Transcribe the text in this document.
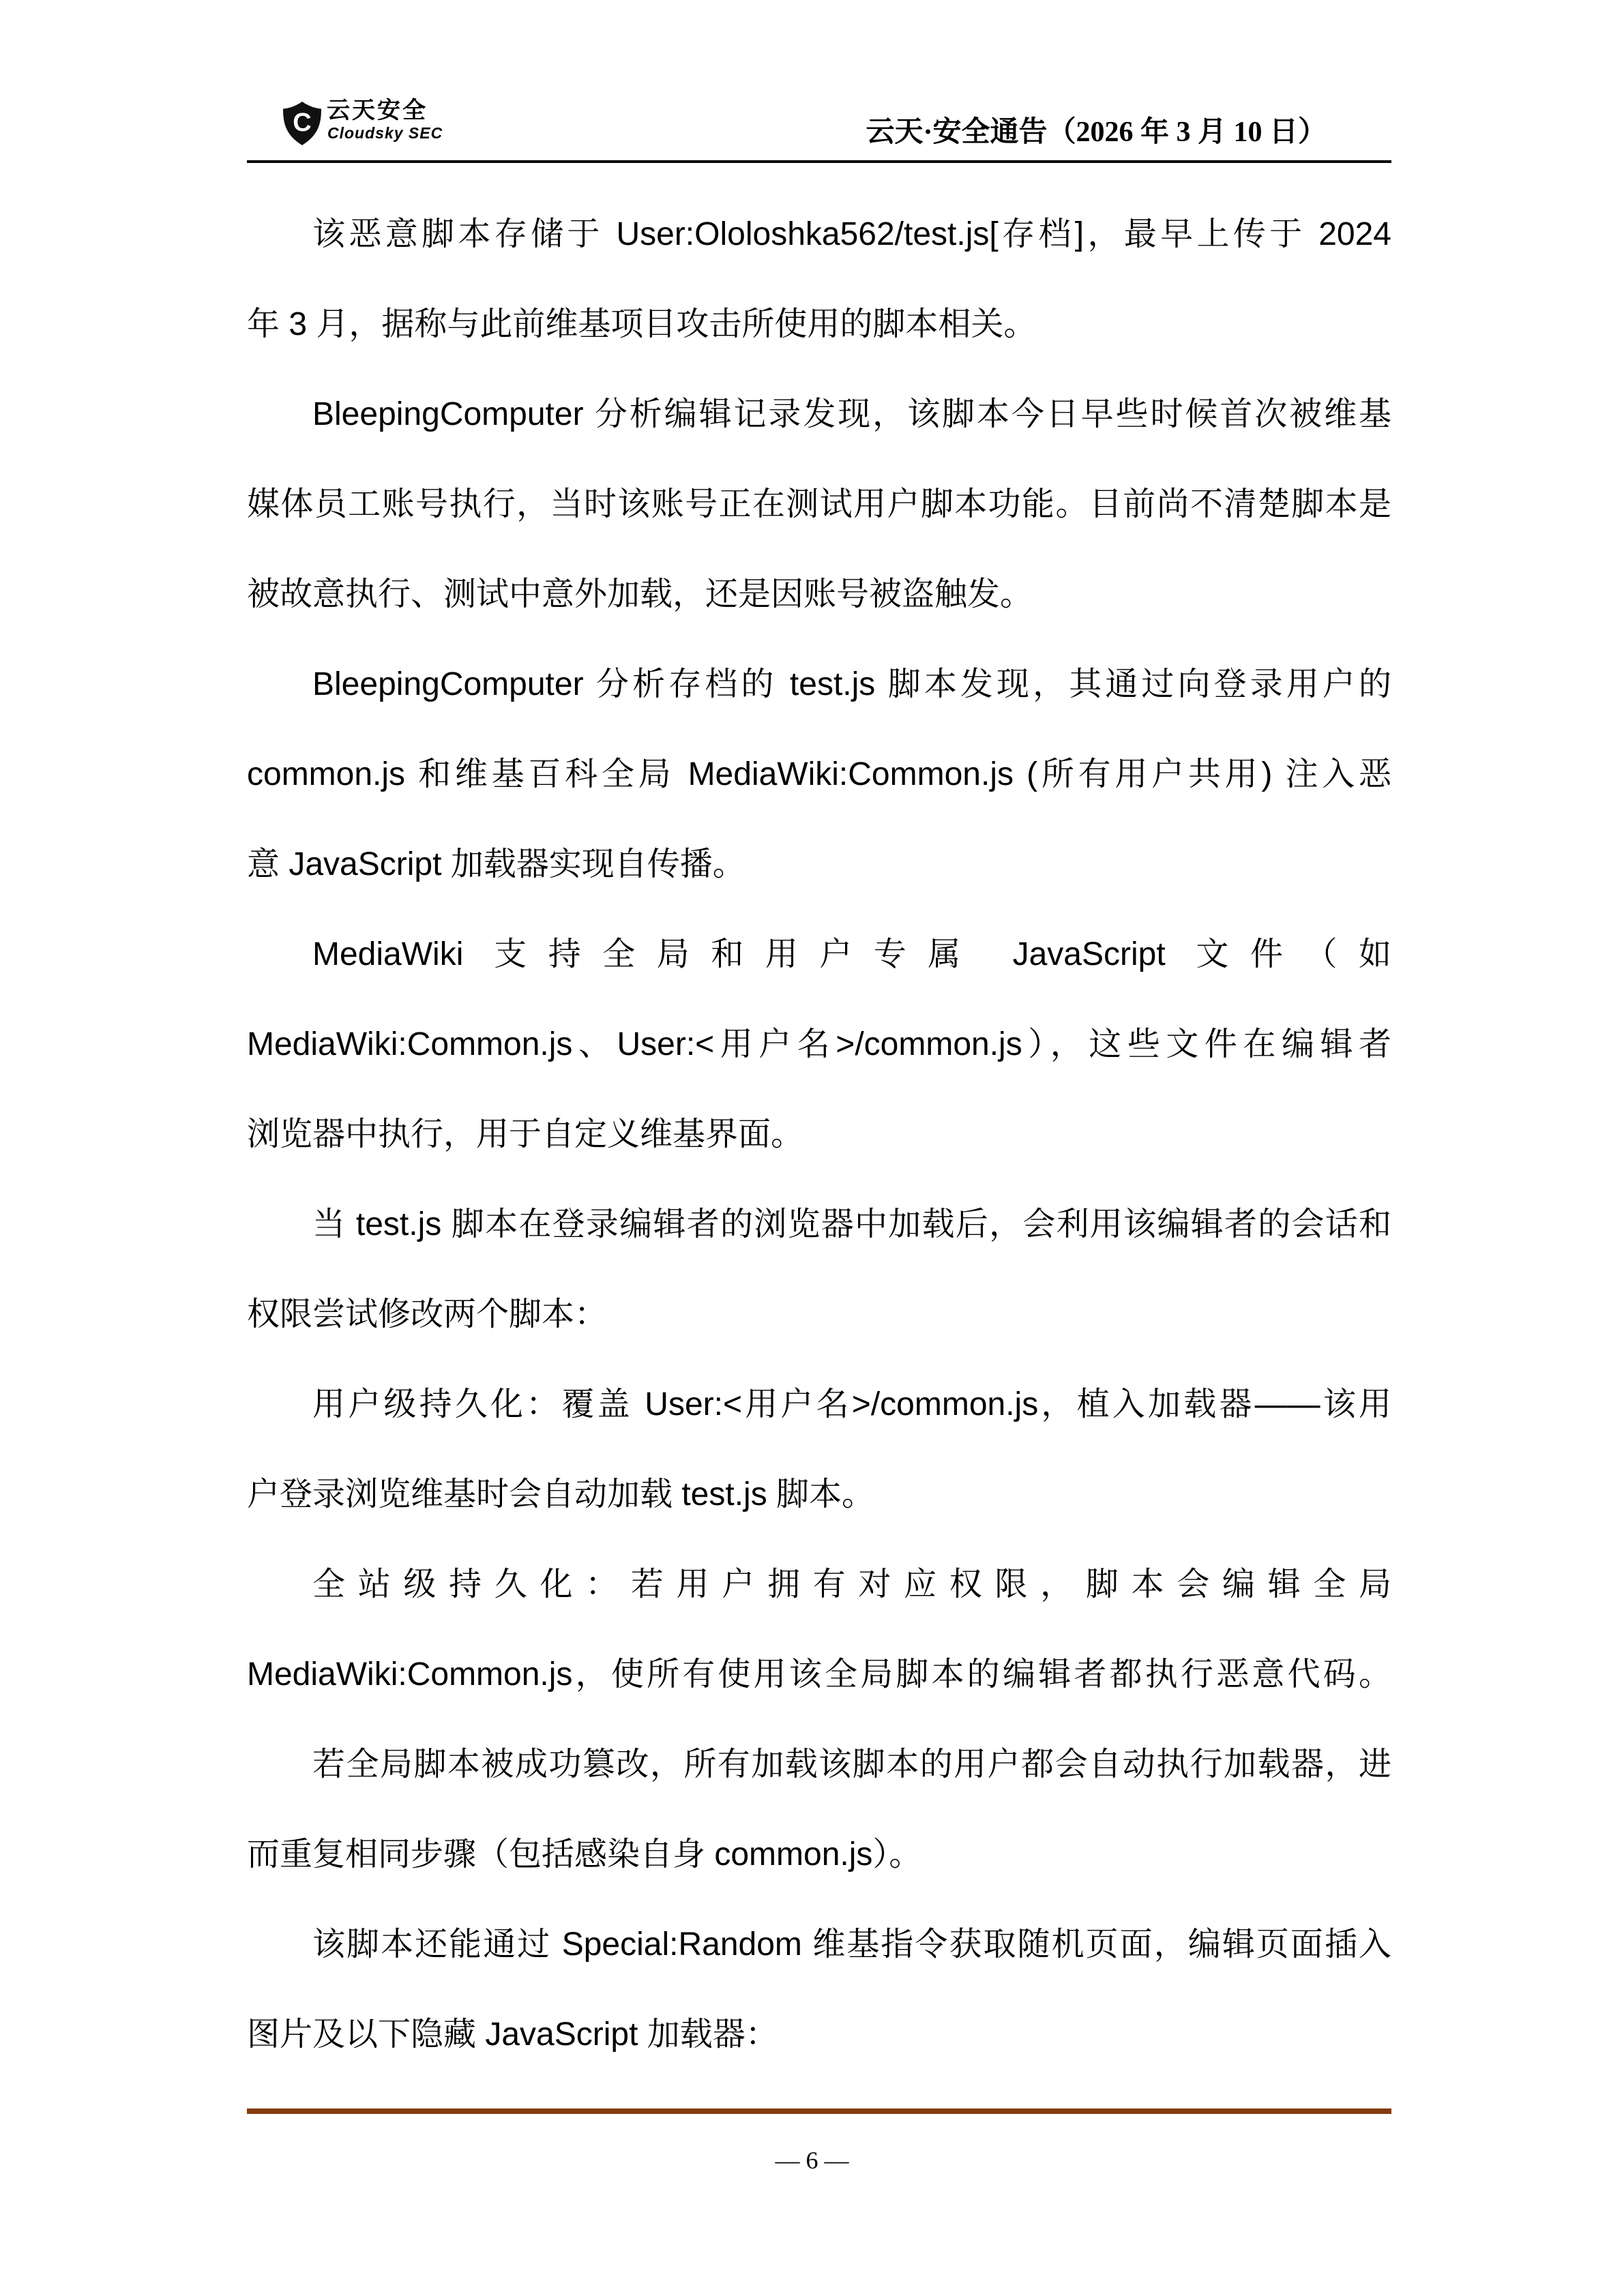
C 云天安全
Cloudsky SEC	云天·安全通告（2026 年 3 月 10 日）
该恶意脚本存储于 User:Ololoshka562/test.js[存档]，最早上传于 2024
年 3 月，据称与此前维基项目攻击所使用的脚本相关。
BleepingComputer 分析编辑记录发现，该脚本今日早些时候首次被维基
媒体员工账号执行，当时该账号正在测试用户脚本功能。目前尚不清楚脚本是
被故意执行、测试中意外加载，还是因账号被盗触发。
BleepingComputer 分析存档的 test.js 脚本发现，其通过向登录用户的
common.js 和维基百科全局 MediaWiki:Common.js (所有用户共用) 注入恶
意 JavaScript 加载器实现自传播。
MediaWiki 支持全局和用户专属 JavaScript 文件（如
MediaWiki:Common.js、User:<用户名>/common.js），这些文件在编辑者
浏览器中执行，用于自定义维基界面。
当 test.js 脚本在登录编辑者的浏览器中加载后，会利用该编辑者的会话和
权限尝试修改两个脚本：
用户级持久化：覆盖 User:<用户名>/common.js，植入加载器——该用
户登录浏览维基时会自动加载 test.js 脚本。
全站级持久化：若用户拥有对应权限，脚本会编辑全局
MediaWiki:Common.js，使所有使用该全局脚本的编辑者都执行恶意代码。
若全局脚本被成功篡改，所有加载该脚本的用户都会自动执行加载器，进
而重复相同步骤（包括感染自身 common.js）。
该脚本还能通过 Special:Random 维基指令获取随机页面，编辑页面插入
图片及以下隐藏 JavaScript 加载器：
— 6 —
